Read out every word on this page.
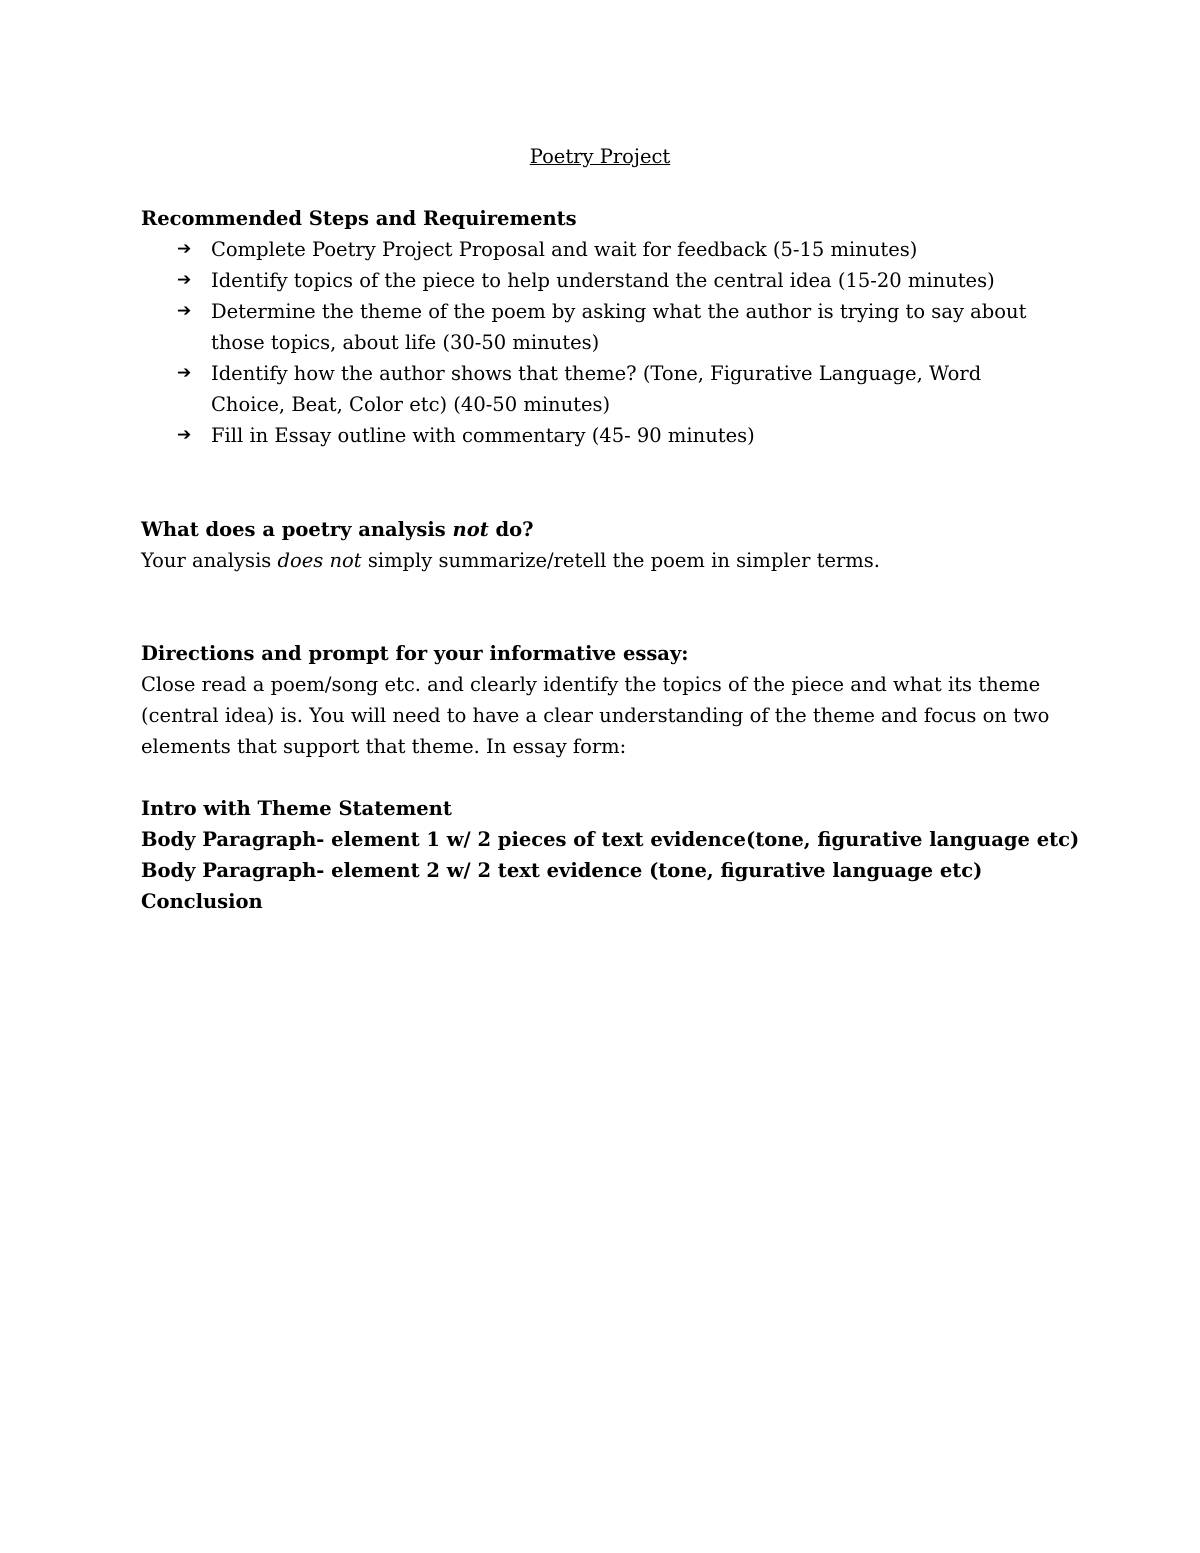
Poetry Project
Recommended Steps and Requirements
➔ Complete Poetry Project Proposal and wait for feedback (5-15 minutes)
➔ Identify topics of the piece to help understand the central idea (15-20 minutes)
➔ Determine the theme of the poem by asking what the author is trying to say about those topics, about life (30-50 minutes)
➔ Identify how the author shows that theme? (Tone, Figurative Language, Word Choice, Beat, Color etc) (40-50 minutes)
➔ Fill in Essay outline with commentary (45- 90 minutes)
What does a poetry analysis not do?
Your analysis does not simply summarize/retell the poem in simpler terms.
Directions and prompt for your informative essay:
Close read a poem/song etc. and clearly identify the topics of the piece and what its theme (central idea) is. You will need to have a clear understanding of the theme and focus on two elements that support that theme. In essay form:
Intro with Theme Statement
Body Paragraph- element 1 w/ 2 pieces of text evidence(tone, figurative language etc)
Body Paragraph- element 2 w/ 2 text evidence (tone, figurative language etc)
Conclusion
